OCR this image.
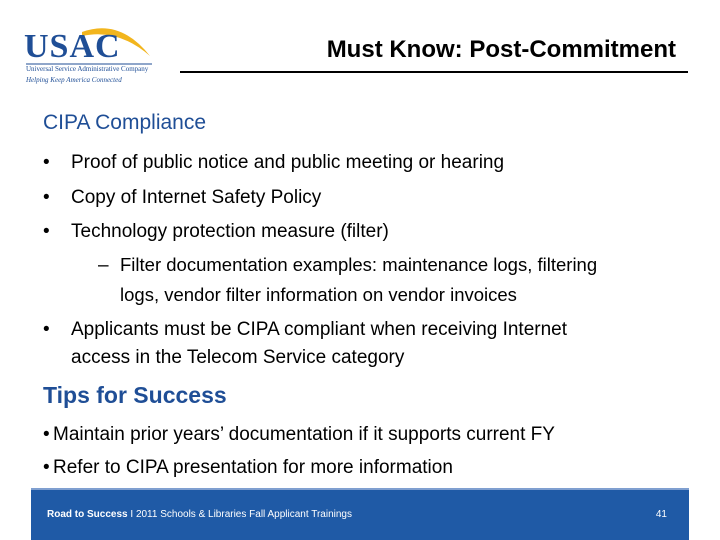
USAC
Universal Service Administrative Company
Helping Keep America Connected
Must Know: Post-Commitment
CIPA Compliance
• Proof of public notice and public meeting or hearing
• Copy of Internet Safety Policy
• Technology protection measure (filter)
– Filter documentation examples: maintenance logs, filtering
logs, vendor filter information on vendor invoices
• Applicants must be CIPA compliant when receiving Internet
access in the Telecom Service category
Tips for Success
• Maintain prior years’ documentation if it supports current FY
• Refer to CIPA presentation for more information
Road to Success I 2011 Schools & Libraries Fall Applicant Trainings	41
